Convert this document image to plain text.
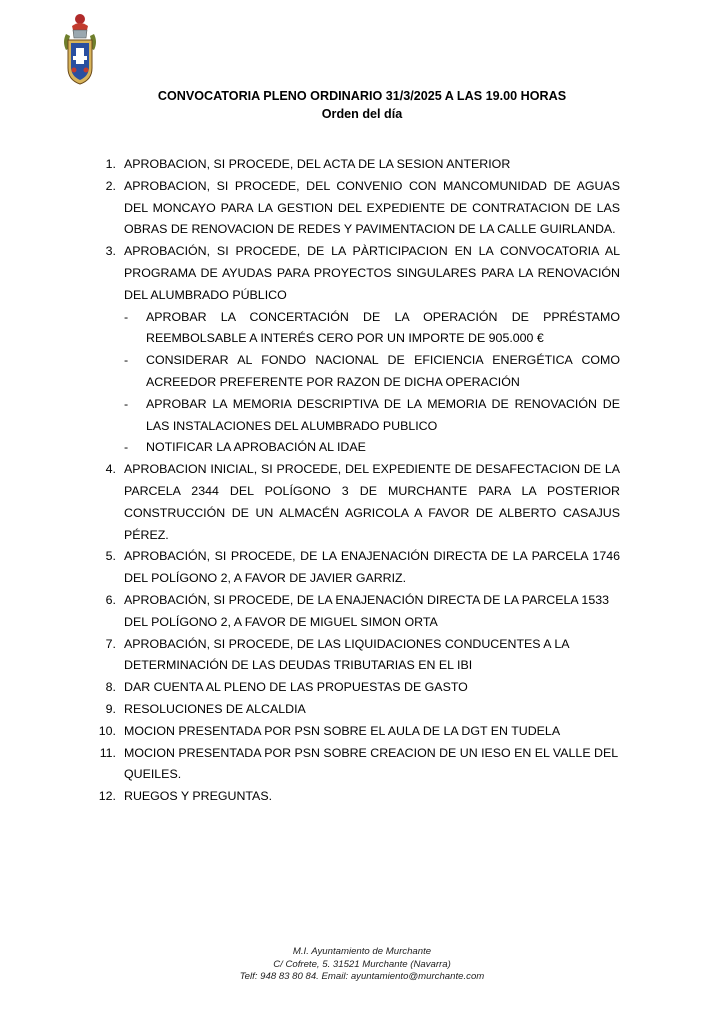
CONVOCATORIA PLENO ORDINARIO 31/3/2025 A LAS 19.00 HORAS
Orden del día
1. APROBACION, SI PROCEDE, DEL ACTA DE LA SESION ANTERIOR
2. APROBACION, SI PROCEDE, DEL CONVENIO CON MANCOMUNIDAD DE AGUAS DEL MONCAYO PARA LA GESTION DEL EXPEDIENTE DE CONTRATACION DE LAS OBRAS DE RENOVACION DE REDES Y PAVIMENTACION DE LA CALLE GUIRLANDA.
3. APROBACIÓN, SI PROCEDE, DE LA PÀRTICIPACION EN LA CONVOCATORIA AL PROGRAMA DE AYUDAS PARA PROYECTOS SINGULARES PARA LA RENOVACIÓN DEL ALUMBRADO PÚBLICO
- APROBAR LA CONCERTACIÓN DE LA OPERACIÓN DE PPRÉSTAMO REEMBOLSABLE A INTERÉS CERO POR UN IMPORTE DE 905.000 €
- CONSIDERAR AL FONDO NACIONAL DE EFICIENCIA ENERGÉTICA COMO ACREEDOR PREFERENTE POR RAZON DE DICHA OPERACIÓN
- APROBAR LA MEMORIA DESCRIPTIVA DE LA MEMORIA DE RENOVACIÓN DE LAS INSTALACIONES DEL ALUMBRADO PUBLICO
- NOTIFICAR LA APROBACIÓN AL IDAE
4. APROBACION INICIAL, SI PROCEDE, DEL EXPEDIENTE DE DESAFECTACION DE LA PARCELA 2344 DEL POLÍGONO 3 DE MURCHANTE PARA LA POSTERIOR CONSTRUCCIÓN DE UN ALMACÉN AGRICOLA A FAVOR DE ALBERTO CASAJUS PÉREZ.
5. APROBACIÓN, SI PROCEDE, DE LA ENAJENACIÓN DIRECTA DE LA PARCELA 1746 DEL POLÍGONO 2, A FAVOR DE JAVIER GARRIZ.
6. APROBACIÓN, SI PROCEDE, DE LA ENAJENACIÓN DIRECTA DE LA PARCELA 1533 DEL POLÍGONO 2, A FAVOR DE MIGUEL SIMON ORTA
7. APROBACIÓN, SI PROCEDE, DE LAS LIQUIDACIONES CONDUCENTES A LA DETERMINACIÓN DE LAS DEUDAS TRIBUTARIAS EN EL IBI
8. DAR CUENTA AL PLENO DE LAS PROPUESTAS DE GASTO
9. RESOLUCIONES DE ALCALDIA
10. MOCION PRESENTADA POR PSN SOBRE EL AULA DE LA DGT EN TUDELA
11. MOCION PRESENTADA POR PSN SOBRE CREACION DE UN IESO EN EL VALLE DEL QUEILES.
12. RUEGOS Y PREGUNTAS.
M.I. Ayuntamiento de Murchante
C/ Cofrete, 5. 31521 Murchante (Navarra)
Telf: 948 83 80 84. Email: ayuntamiento@murchante.com
